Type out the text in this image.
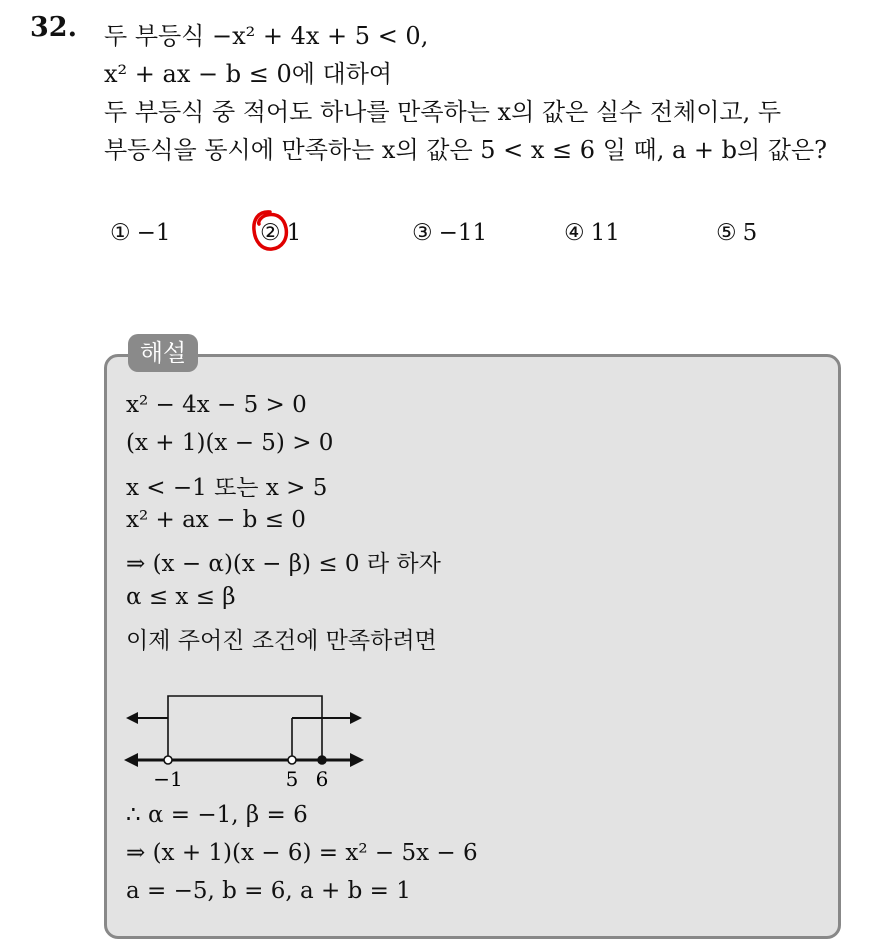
32. 두 부등식 −x² + 4x + 5 < 0,
x² + ax − b ≤ 0에 대하여
두 부등식 중 적어도 하나를 만족하는 x의 값은 실수 전체이고, 두
부등식을 동시에 만족하는 x의 값은 5 < x ≤ 6 일 때, a + b의 값은?
① −1	② 1	③ −11	④ 11	⑤ 5
해설
x² − 4x − 5 > 0
(x + 1)(x − 5) > 0
x < −1 또는 x > 5
x² + ax − b ≤ 0
⇒ (x − α)(x − β) ≤ 0 라 하자
α ≤ x ≤ β
이제 주어진 조건에 만족하려면
−1	5 6
∴ α = −1, β = 6
⇒ (x + 1)(x − 6) = x² − 5x − 6
a = −5, b = 6, a + b = 1
